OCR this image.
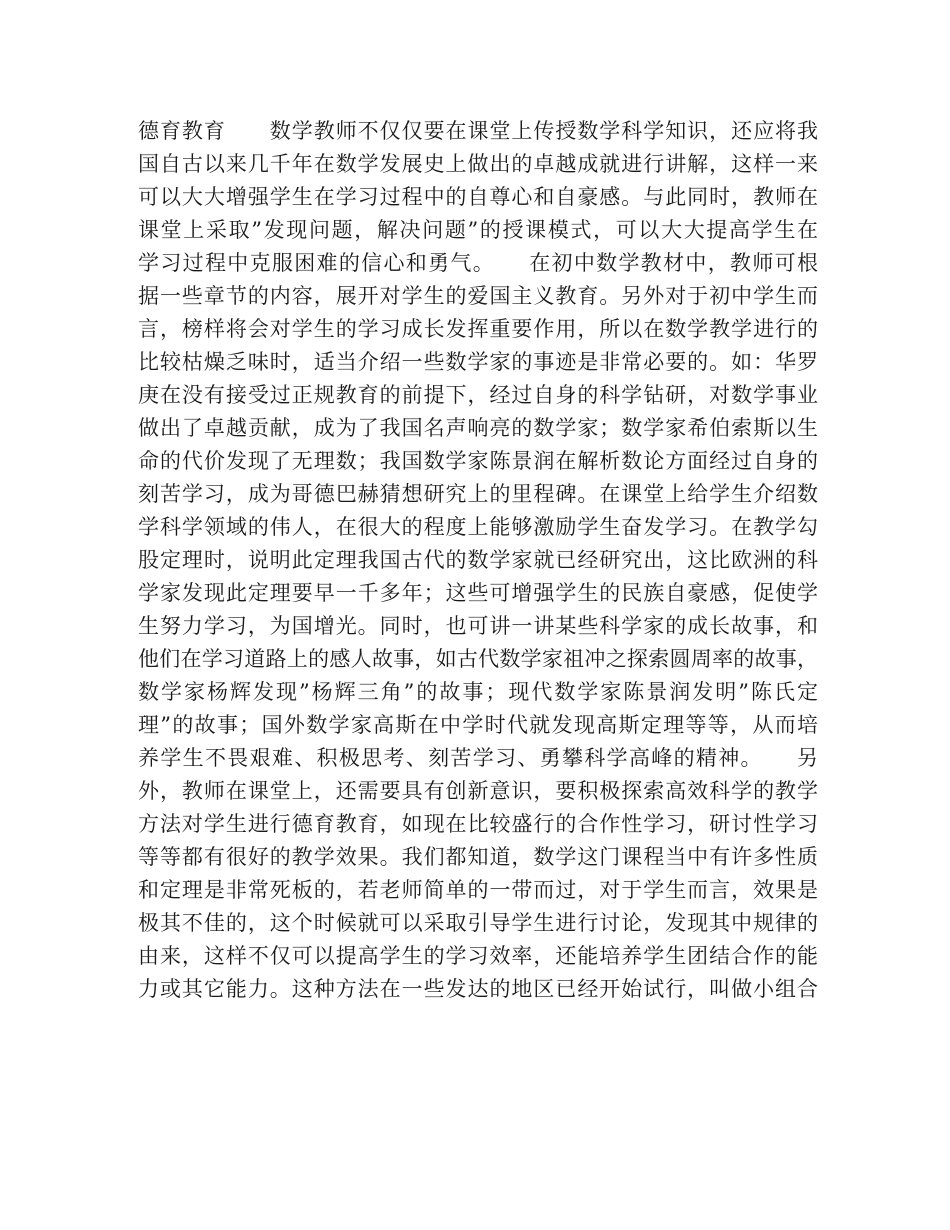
德育教育　　数学教师不仅仅要在课堂上传授数学科学知识，还应将我
国自古以来几千年在数学发展史上做出的卓越成就进行讲解，这样一来
可以大大增强学生在学习过程中的自尊心和自豪感。与此同时，教师在
课堂上采取”发现问题，解决问题”的授课模式，可以大大提高学生在
学习过程中克服困难的信心和勇气。　　在初中数学教材中，教师可根
据一些章节的内容，展开对学生的爱国主义教育。另外对于初中学生而
言，榜样将会对学生的学习成长发挥重要作用，所以在数学教学进行的
比较枯燥乏味时，适当介绍一些数学家的事迹是非常必要的。如：华罗
庚在没有接受过正规教育的前提下，经过自身的科学钻研，对数学事业
做出了卓越贡献，成为了我国名声响亮的数学家；数学家希伯索斯以生
命的代价发现了无理数；我国数学家陈景润在解析数论方面经过自身的
刻苦学习，成为哥德巴赫猜想研究上的里程碑。在课堂上给学生介绍数
学科学领域的伟人，在很大的程度上能够激励学生奋发学习。在教学勾
股定理时，说明此定理我国古代的数学家就已经研究出，这比欧洲的科
学家发现此定理要早一千多年；这些可增强学生的民族自豪感，促使学
生努力学习，为国增光。同时，也可讲一讲某些科学家的成长故事，和
他们在学习道路上的感人故事，如古代数学家祖冲之探索圆周率的故事，
数学家杨辉发现”杨辉三角”的故事；现代数学家陈景润发明”陈氏定
理”的故事；国外数学家高斯在中学时代就发现高斯定理等等，从而培
养学生不畏艰难、积极思考、刻苦学习、勇攀科学高峰的精神。　　另
外，教师在课堂上，还需要具有创新意识，要积极探索高效科学的教学
方法对学生进行德育教育，如现在比较盛行的合作性学习，研讨性学习
等等都有很好的教学效果。我们都知道，数学这门课程当中有许多性质
和定理是非常死板的，若老师简单的一带而过，对于学生而言，效果是
极其不佳的，这个时候就可以采取引导学生进行讨论，发现其中规律的
由来，这样不仅可以提高学生的学习效率，还能培养学生团结合作的能
力或其它能力。这种方法在一些发达的地区已经开始试行，叫做小组合
